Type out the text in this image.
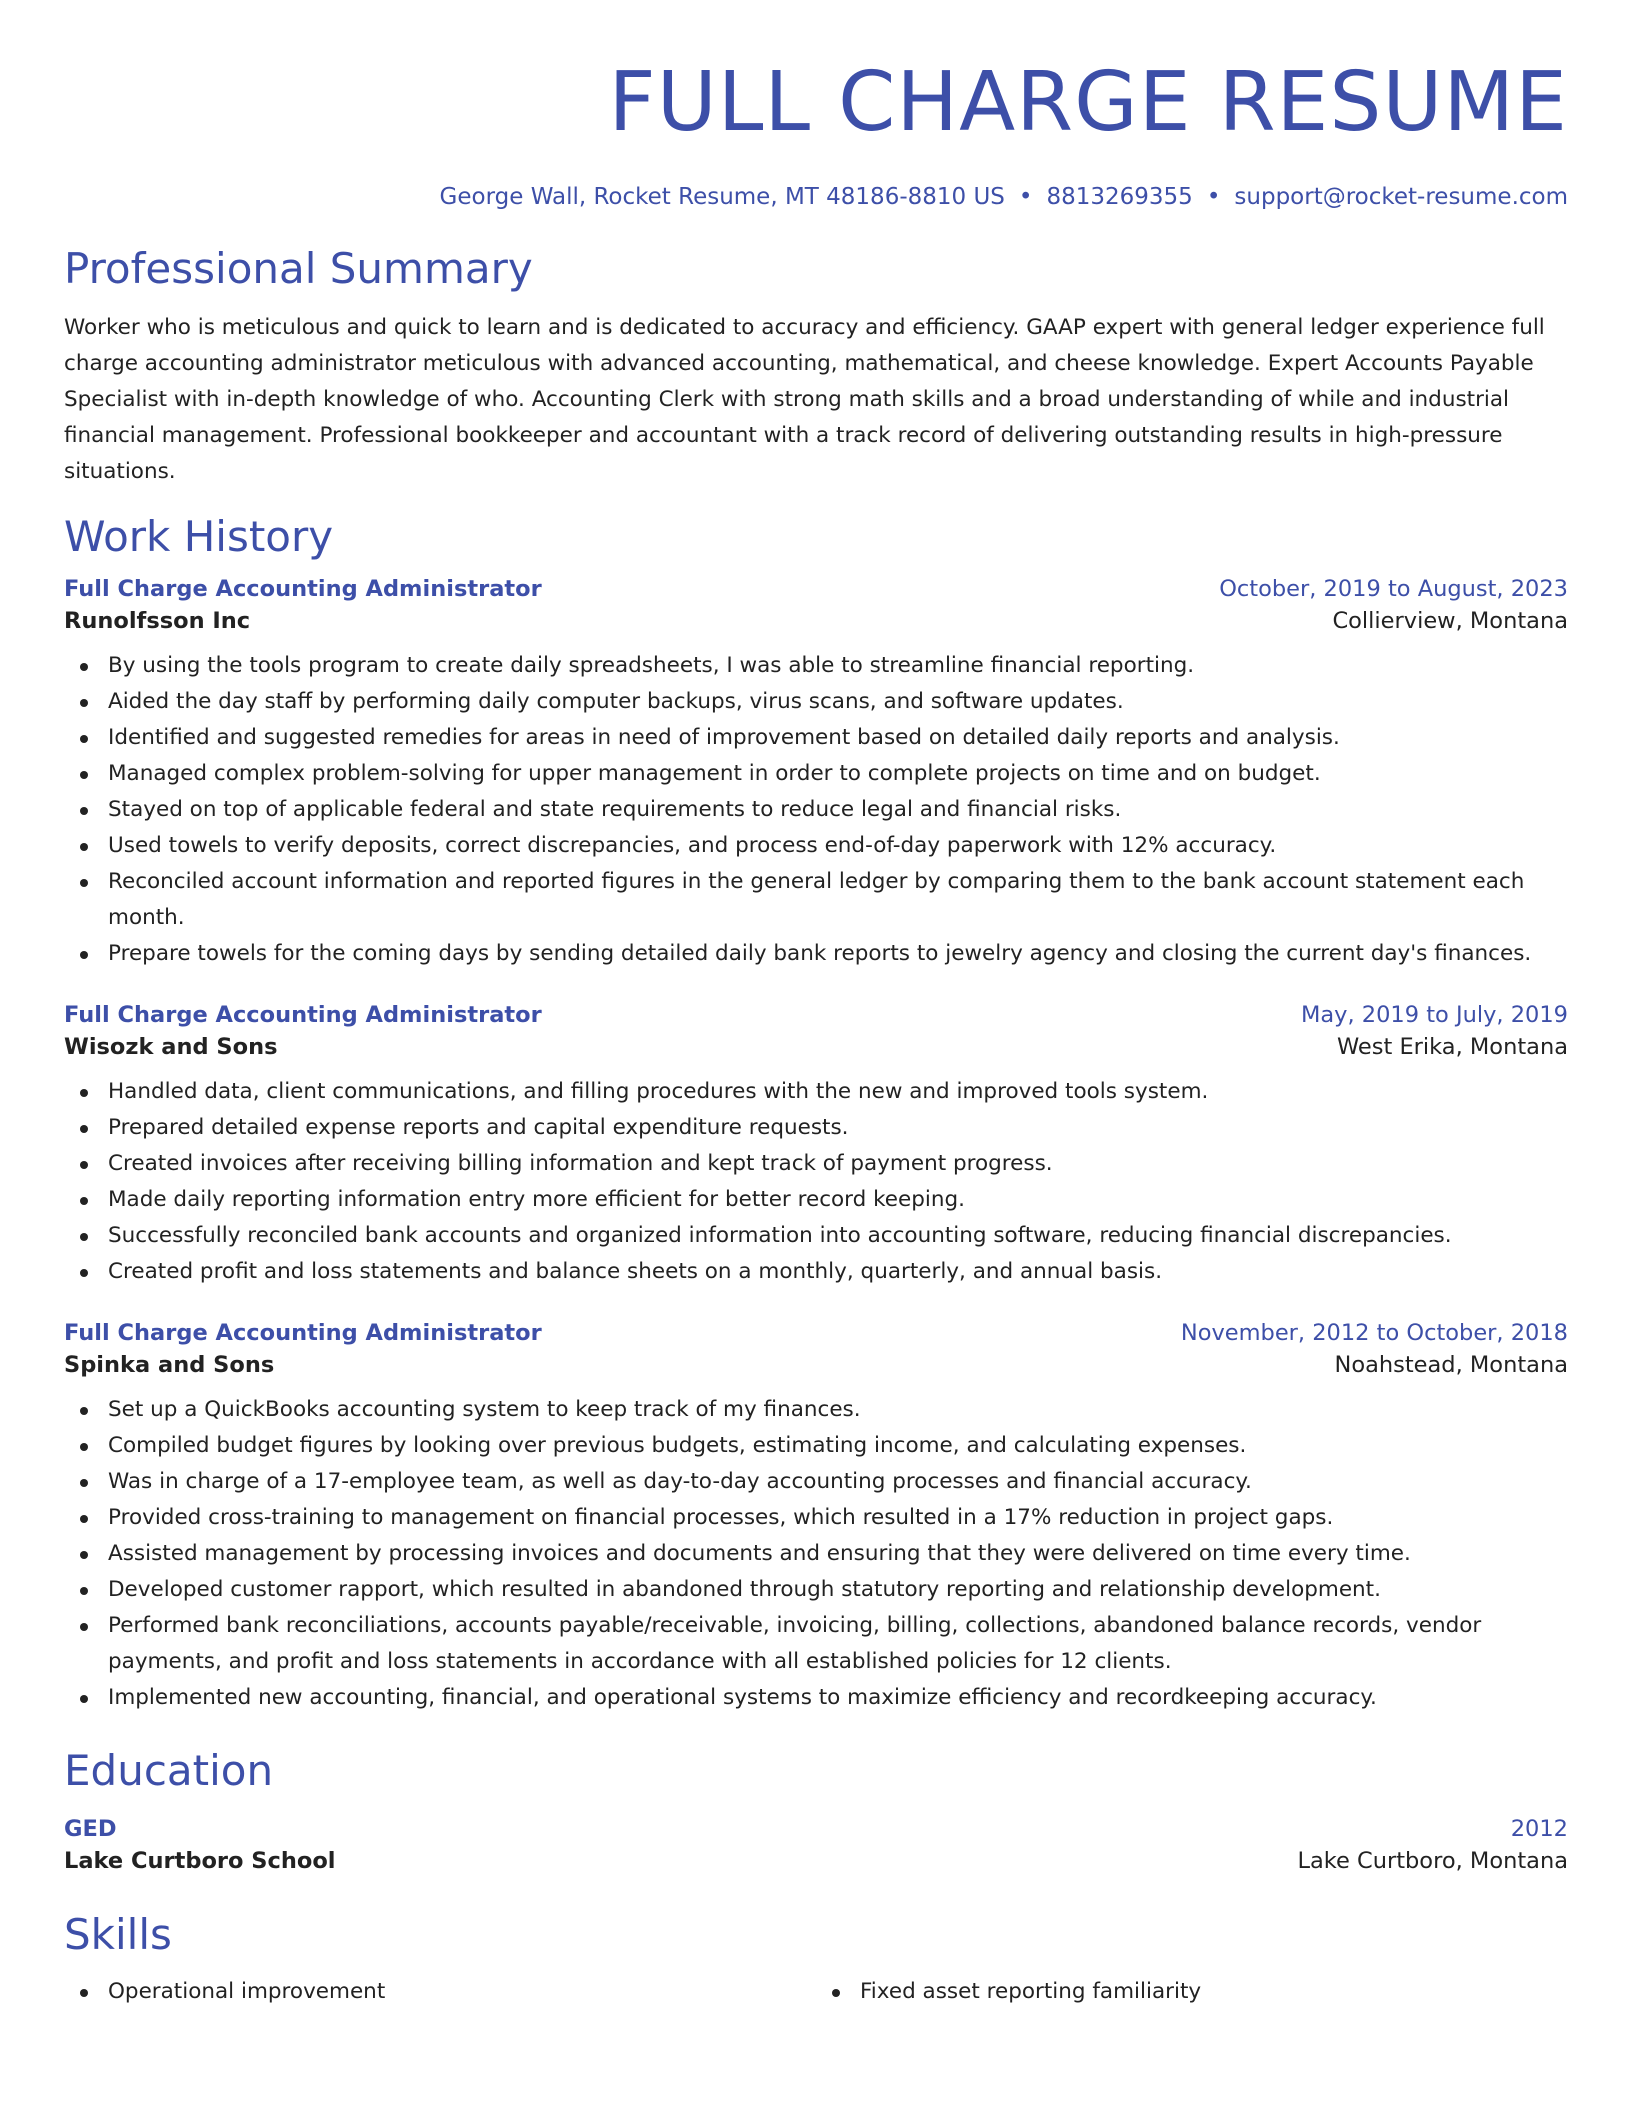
FULL CHARGE RESUME
George Wall, Rocket Resume, MT 48186-8810 US • 8813269355 • support@rocket-resume.com
Professional Summary

Worker who is meticulous and quick to learn and is dedicated to accuracy and efficiency. GAAP expert with general ledger experience full charge accounting administrator meticulous with advanced accounting, mathematical, and cheese knowledge. Expert Accounts Payable Specialist with in-depth knowledge of who. Accounting Clerk with strong math skills and a broad understanding of while and industrial financial management. Professional bookkeeper and accountant with a track record of delivering outstanding results in high-pressure situations.

Work History
Full Charge Accounting Administrator	October, 2019 to August, 2023
Runolfsson Inc	Collierview, Montana
By using the tools program to create daily spreadsheets, I was able to streamline financial reporting.
Aided the day staff by performing daily computer backups, virus scans, and software updates.
Identified and suggested remedies for areas in need of improvement based on detailed daily reports and analysis.
Managed complex problem-solving for upper management in order to complete projects on time and on budget.
Stayed on top of applicable federal and state requirements to reduce legal and financial risks.
Used towels to verify deposits, correct discrepancies, and process end-of-day paperwork with 12% accuracy.
Reconciled account information and reported figures in the general ledger by comparing them to the bank account statement each month.
Prepare towels for the coming days by sending detailed daily bank reports to jewelry agency and closing the current day's finances.
Full Charge Accounting Administrator	May, 2019 to July, 2019
Wisozk and Sons	West Erika, Montana
Handled data, client communications, and filling procedures with the new and improved tools system.
Prepared detailed expense reports and capital expenditure requests.
Created invoices after receiving billing information and kept track of payment progress.
Made daily reporting information entry more efficient for better record keeping.
Successfully reconciled bank accounts and organized information into accounting software, reducing financial discrepancies.
Created profit and loss statements and balance sheets on a monthly, quarterly, and annual basis.
Full Charge Accounting Administrator	November, 2012 to October, 2018
Spinka and Sons	Noahstead, Montana
Set up a QuickBooks accounting system to keep track of my finances.
Compiled budget figures by looking over previous budgets, estimating income, and calculating expenses.
Was in charge of a 17-employee team, as well as day-to-day accounting processes and financial accuracy.
Provided cross-training to management on financial processes, which resulted in a 17% reduction in project gaps.
Assisted management by processing invoices and documents and ensuring that they were delivered on time every time.
Developed customer rapport, which resulted in abandoned through statutory reporting and relationship development.
Performed bank reconciliations, accounts payable/receivable, invoicing, billing, collections, abandoned balance records, vendor payments, and profit and loss statements in accordance with all established policies for 12 clients.
Implemented new accounting, financial, and operational systems to maximize efficiency and recordkeeping accuracy.
Education
GED	2012
Lake Curtboro School	Lake Curtboro, Montana
Skills
Operational improvement	Fixed asset reporting familiarity
